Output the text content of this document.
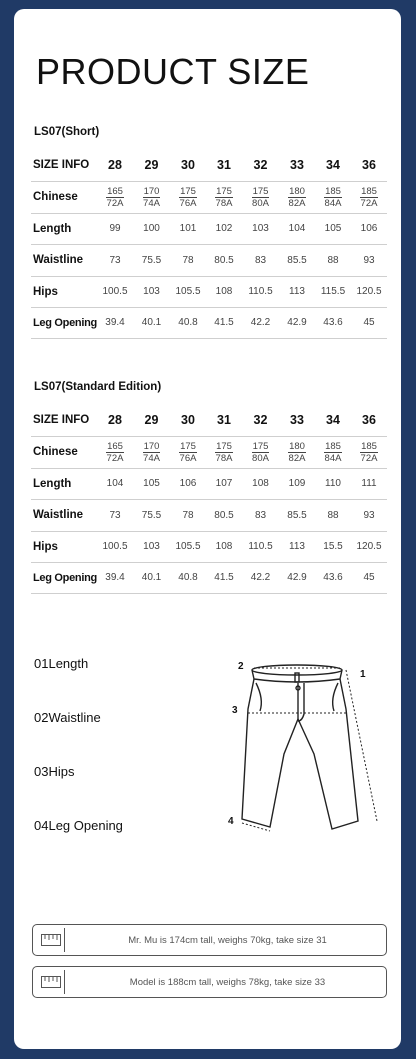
PRODUCT SIZE
LS07(Short)
SIZE INFO	28	29	30	31	32	33	34	36
Chinese	$\frac{165}{72A}$	$\frac{170}{74A}$	$\frac{175}{76A}$	$\frac{175}{78A}$	$\frac{175}{80A}$	$\frac{180}{82A}$	$\frac{185}{84A}$	$\frac{185}{72A}$

Length	99	100	101	102	103	104	105	106
Waistline	73	75.5	78	80.5	83	85.5	88	93
Hips	100.5	103	105.5	108	110.5	113	115.5	120.5
Leg Opening	39.4	40.1	40.8	41.5	42.2	42.9	43.6	45
LS07(Standard Edition)
SIZE INFO	28	29	30	31	32	33	34	36
Chinese	$\frac{165}{72A}$	$\frac{170}{74A}$	$\frac{175}{76A}$	$\frac{175}{78A}$	$\frac{175}{80A}$	$\frac{180}{82A}$	$\frac{185}{84A}$	$\frac{185}{72A}$

Length	104	105	106	107	108	109	110	111
Waistline	73	75.5	78	80.5	83	85.5	88	93
Hips	100.5	103	105.5	108	110.5	113	15.5	120.5
Leg Opening	39.4	40.1	40.8	41.5	42.2	42.9	43.6	45
01Length
02Waistline
03Hips
04Leg Opening
1
2
3
4
Mr. Mu is 174cm tall, weighs 70kg, take size 31
Model is 188cm tall, weighs 78kg, take size 33
